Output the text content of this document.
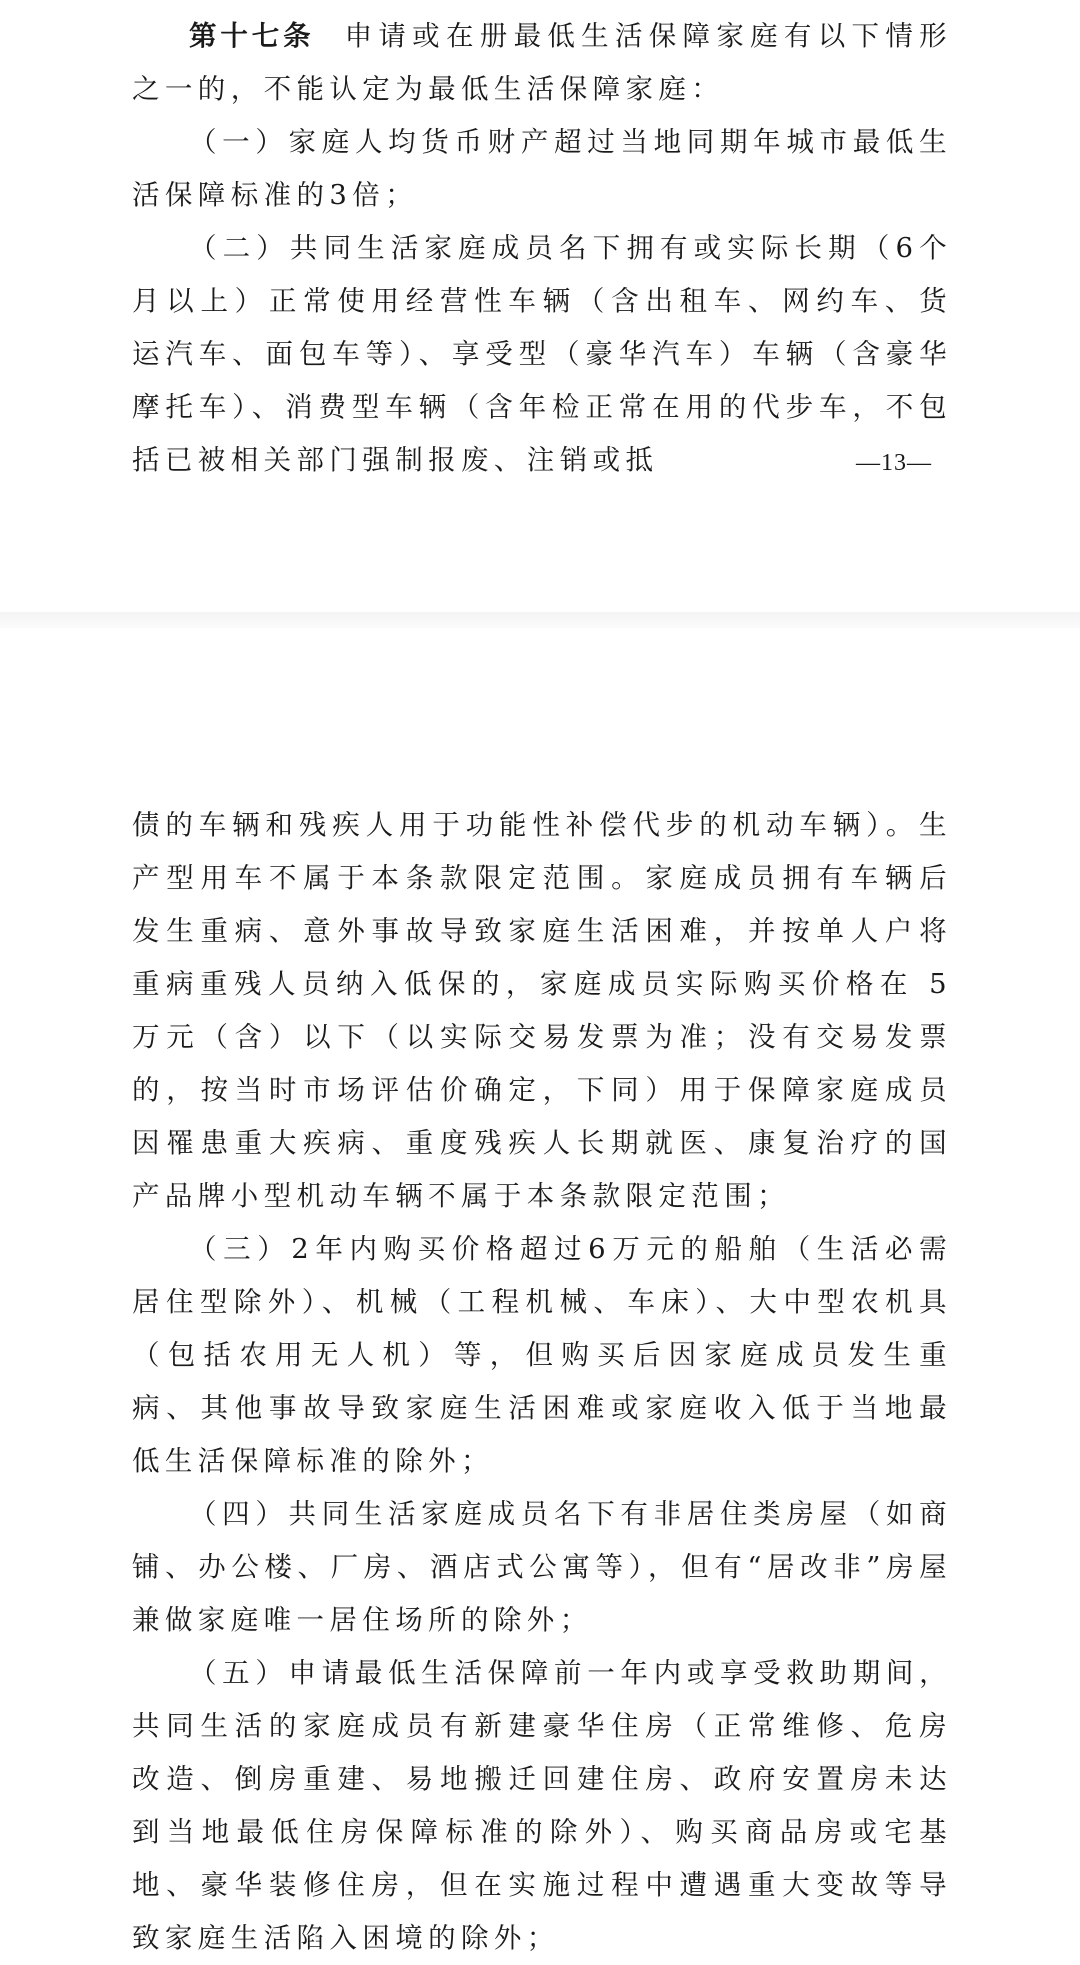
第十七条 申请或在册最低生活保障家庭有以下情形之一的，不能认定为最低生活保障家庭：

（一）家庭人均货币财产超过当地同期年城市最低生活保障标准的3倍；

（二）共同生活家庭成员名下拥有或实际长期（6个月以上）正常使用经营性车辆（含出租车、网约车、货运汽车、面包车等）、享受型（豪华汽车）车辆（含豪华摩托车）、消费型车辆（含年检正常在用的代步车，不包括已被相关部门强制报废、注销或抵	—13—

债的车辆和残疾人用于功能性补偿代步的机动车辆）。生产型用车不属于本条款限定范围。家庭成员拥有车辆后发生重病、意外事故导致家庭生活困难，并按单人户将重病重残人员纳入低保的，家庭成员实际购买价格在 5 万元（含）以下（以实际交易发票为准；没有交易发票的，按当时市场评估价确定，下同）用于保障家庭成员因罹患重大疾病、重度残疾人长期就医、康复治疗的国产品牌小型机动车辆不属于本条款限定范围；

（三）2年内购买价格超过6万元的船舶（生活必需居住型除外）、机械（工程机械、车床）、大中型农机具（包括农用无人机）等，但购买后因家庭成员发生重病、其他事故导致家庭生活困难或家庭收入低于当地最低生活保障标准的除外；

（四）共同生活家庭成员名下有非居住类房屋（如商铺、办公楼、厂房、酒店式公寓等），但有“居改非”房屋兼做家庭唯一居住场所的除外；

（五）申请最低生活保障前一年内或享受救助期间，共同生活的家庭成员有新建豪华住房（正常维修、危房改造、倒房重建、易地搬迁回建住房、政府安置房未达到当地最低住房保障标准的除外）、购买商品房或宅基地、豪华装修住房，但在实施过程中遭遇重大变故等导致家庭生活陷入困境的除外；
